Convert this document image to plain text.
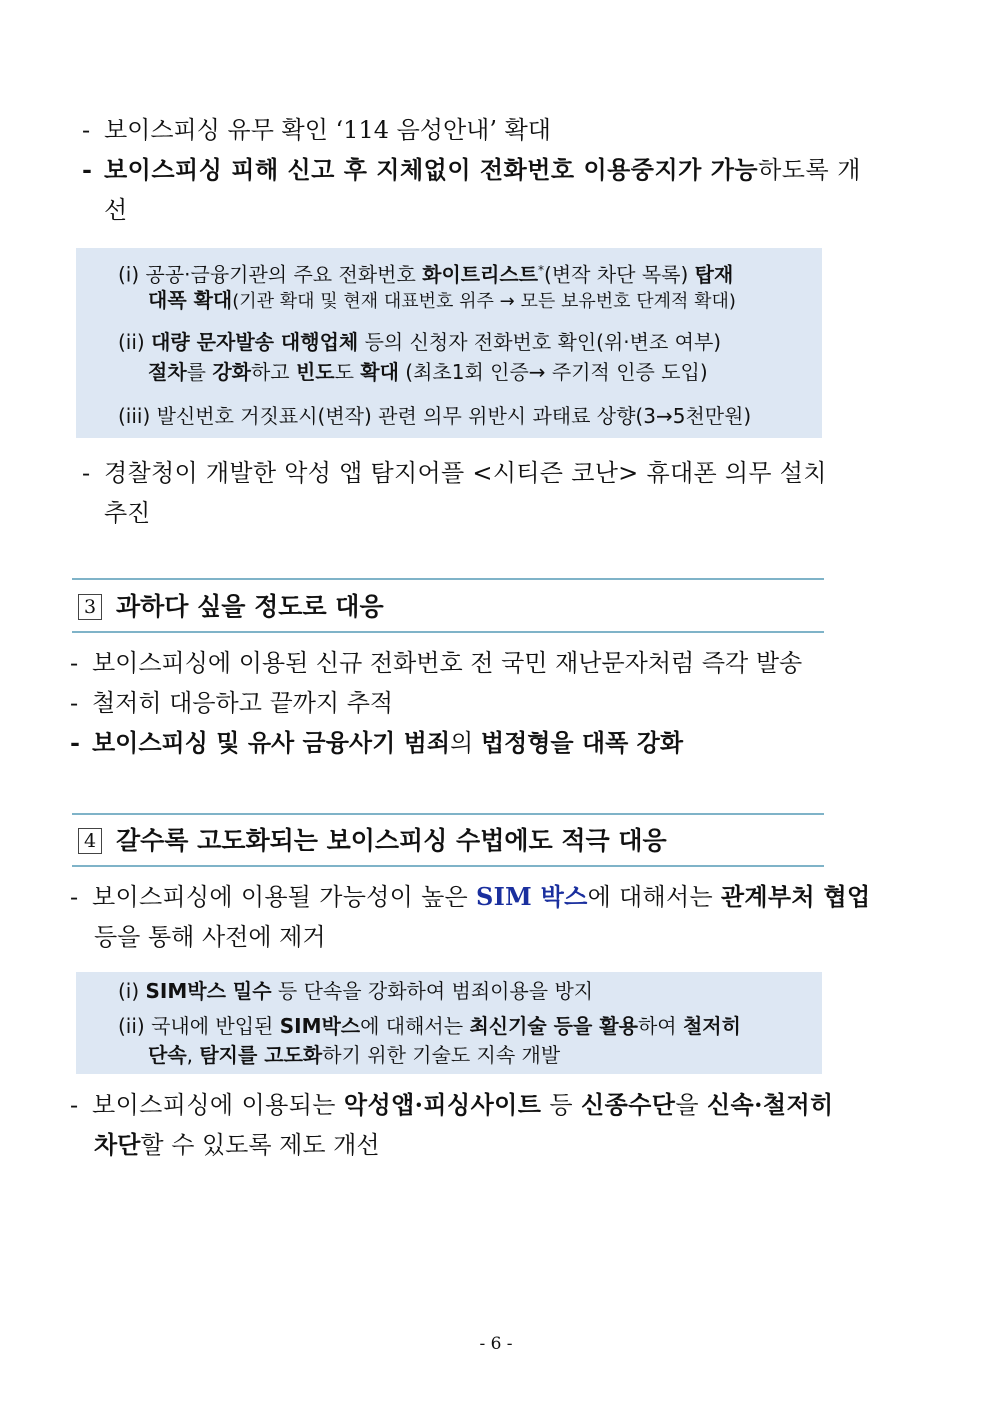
- 보이스피싱 유무 확인 ‘114 음성안내’ 확대
- 보이스피싱 피해 신고 후 지체없이 전화번호 이용중지가 가능하도록 개
선
(i) 공공·금융기관의 주요 전화번호 화이트리스트*(변작 차단 목록) 탑재
대폭 확대(기관 확대 및 현재 대표번호 위주 → 모든 보유번호 단계적 확대)
(ii) 대량 문자발송 대행업체 등의 신청자 전화번호 확인(위·변조 여부)
절차를 강화하고 빈도도 확대 (최초1회 인증→ 주기적 인증 도입)
(iii) 발신번호 거짓표시(변작) 관련 의무 위반시 과태료 상향(3→5천만원)
- 경찰청이 개발한 악성 앱 탐지어플 <시티즌 코난> 휴대폰 의무 설치
추진
3 과하다 싶을 정도로 대응
- 보이스피싱에 이용된 신규 전화번호 전 국민 재난문자처럼 즉각 발송
- 철저히 대응하고 끝까지 추적
- 보이스피싱 및 유사 금융사기 범죄의 법정형을 대폭 강화
4 갈수록 고도화되는 보이스피싱 수법에도 적극 대응
- 보이스피싱에 이용될 가능성이 높은 SIM 박스에 대해서는 관계부처 협업
등을 통해 사전에 제거
(i) SIM박스 밀수 등 단속을 강화하여 범죄이용을 방지
(ii) 국내에 반입된 SIM박스에 대해서는 최신기술 등을 활용하여 철저히
단속, 탐지를 고도화하기 위한 기술도 지속 개발
- 보이스피싱에 이용되는 악성앱·피싱사이트 등 신종수단을 신속·철저히
차단할 수 있도록 제도 개선
- 6 -
